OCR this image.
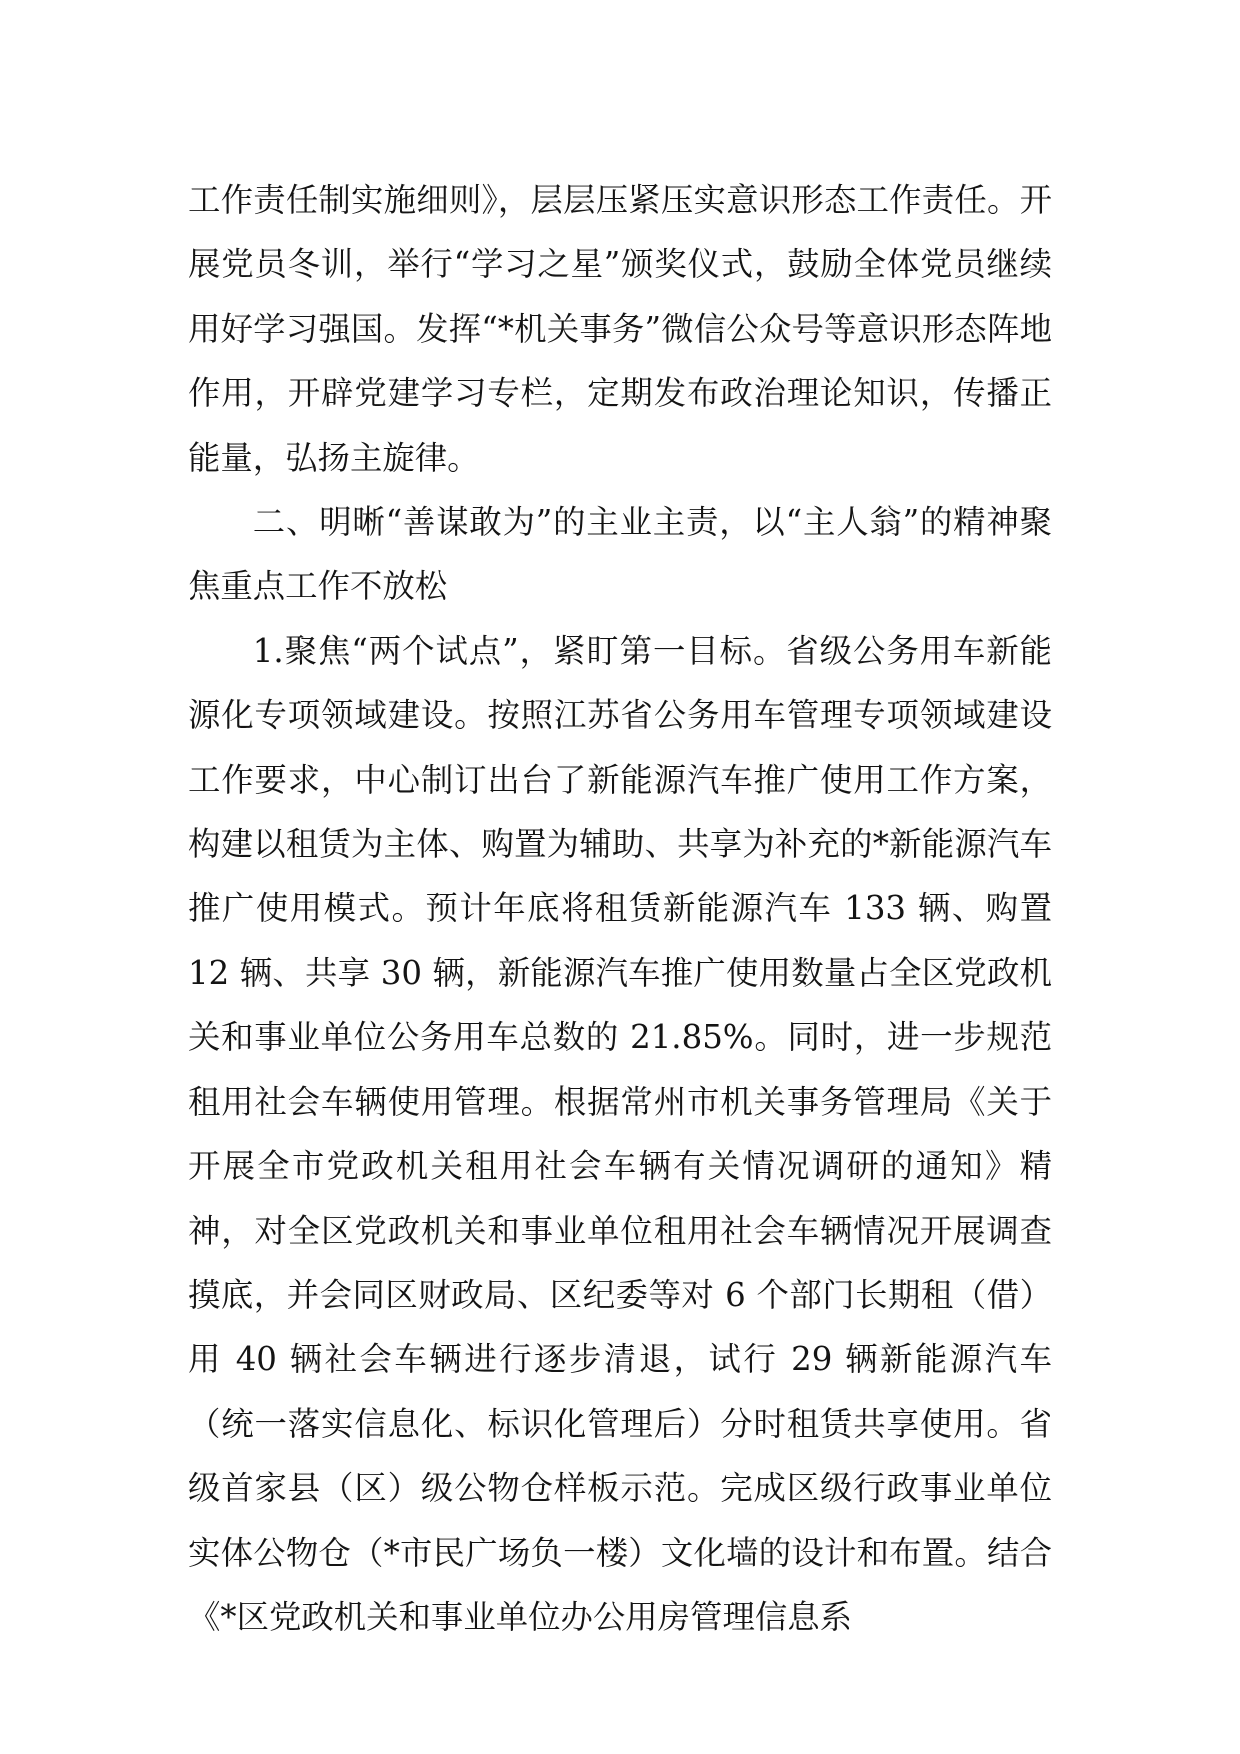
工作责任制实施细则》，层层压紧压实意识形态工作责任。开展党员冬训，举行“学习之星”颁奖仪式，鼓励全体党员继续用好学习强国。发挥“*机关事务”微信公众号等意识形态阵地作用，开辟党建学习专栏，定期发布政治理论知识，传播正能量，弘扬主旋律。

二、明晰“善谋敢为”的主业主责，以“主人翁”的精神聚焦重点工作不放松

1.聚焦“两个试点”，紧盯第一目标。省级公务用车新能源化专项领域建设。按照江苏省公务用车管理专项领域建设工作要求，中心制订出台了新能源汽车推广使用工作方案，构建以租赁为主体、购置为辅助、共享为补充的*新能源汽车推广使用模式。预计年底将租赁新能源汽车 133 辆、购置 12 辆、共享 30 辆，新能源汽车推广使用数量占全区党政机关和事业单位公务用车总数的 21.85%。同时，进一步规范租用社会车辆使用管理。根据常州市机关事务管理局《关于开展全市党政机关租用社会车辆有关情况调研的通知》精神，对全区党政机关和事业单位租用社会车辆情况开展调查摸底，并会同区财政局、区纪委等对 6 个部门长期租（借）用 40 辆社会车辆进行逐步清退，试行 29 辆新能源汽车（统一落实信息化、标识化管理后）分时租赁共享使用。省级首家县（区）级公物仓样板示范。完成区级行政事业单位实体公物仓（*市民广场负一楼）文化墙的设计和布置。结合《*区党政机关和事业单位办公用房管理信息系
